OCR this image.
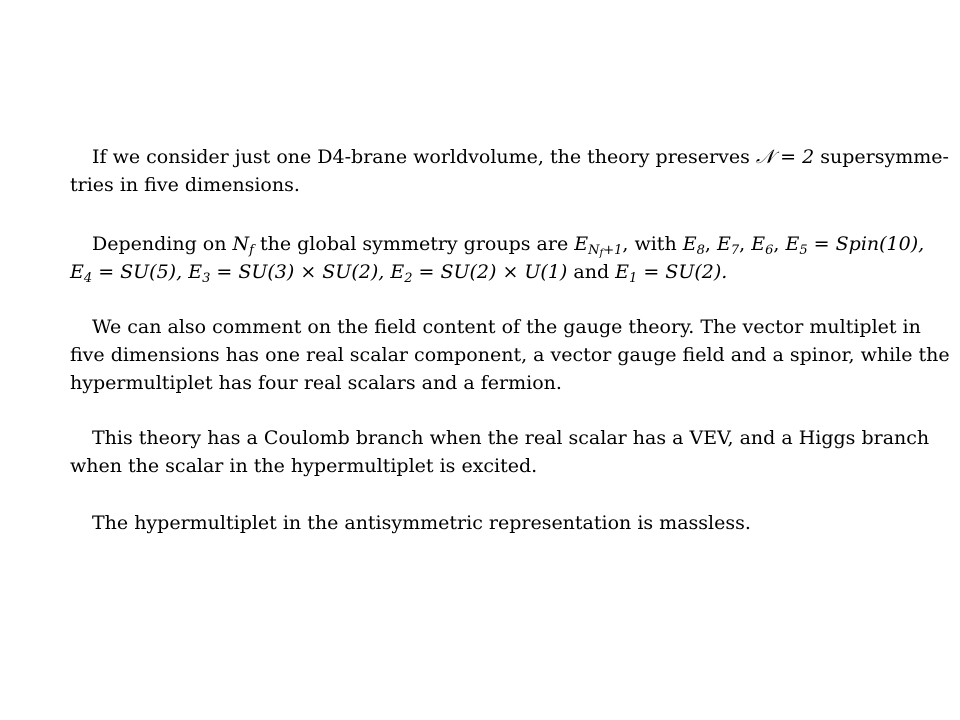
If we consider just one D4-brane worldvolume, the theory preserves 𝒩 = 2 supersymme-
tries in five dimensions.
Depending on $N_f$ the global symmetry groups are $E_{N_f+1}$, with $E_8$, $E_7$, $E_6$, $E_5$ = Spin(10),
$E_4 = SU(5)$, $E_3 = SU(3) \times SU(2)$, $E_2 = SU(2) \times U(1)$ and $E_1 = SU(2)$.
We can also comment on the field content of the gauge theory. The vector multiplet in
five dimensions has one real scalar component, a vector gauge field and a spinor, while the
hypermultiplet has four real scalars and a fermion.
This theory has a Coulomb branch when the real scalar has a VEV, and a Higgs branch
when the scalar in the hypermultiplet is excited.
The hypermultiplet in the antisymmetric representation is massless.
